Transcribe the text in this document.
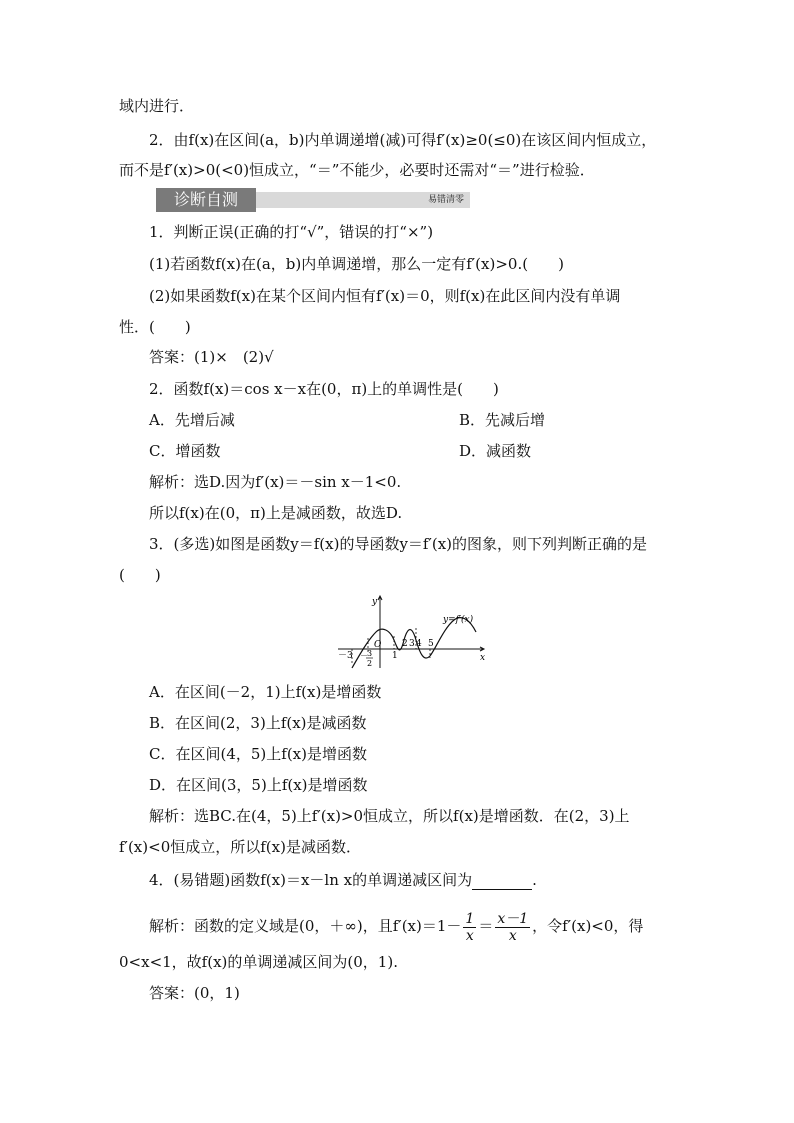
域内进行．
2．由f(x)在区间(a，b)内单调递增(减)可得f′(x)≥0(≤0)在该区间内恒成立，
而不是f′(x)>0(<0)恒成立，“＝”不能少，必要时还需对“＝”进行检验．
诊断自测	易错清零
1．判断正误(正确的打“√”，错误的打“×”)
(1)若函数f(x)在(a，b)内单调递增，那么一定有f′(x)>0.(　　)
(2)如果函数f(x)在某个区间内恒有f′(x)＝0，则f(x)在此区间内没有单调
性．(　　)
答案：(1)×　(2)√
2．函数f(x)＝cos x－x在(0，π)上的单调性是(　　)
A．先增后减	B．先减后增
C．增函数	D．减函数
解析：选D.因为f′(x)＝－sin x－1<0.
所以f(x)在(0，π)上是减函数，故选D.
3．(多选)如图是函数y＝f(x)的导函数y＝f′(x)的图象，则下列判断正确的是
(　　)
x
y
O
y=f′(x)
－3 － 3
2
1
2 3 4 5
A．在区间(－2，1)上f(x)是增函数
B．在区间(2，3)上f(x)是减函数
C．在区间(4，5)上f(x)是增函数
D．在区间(3，5)上f(x)是增函数
解析：选BC.在(4，5)上f′(x)>0恒成立，所以f(x)是增函数．在(2，3)上
f′(x)<0恒成立，所以f(x)是减函数．
4．(易错题)函数f(x)＝x－ln x的单调递减区间为	.
解析：函数的定义域是(0，＋∞)，且$f'(x)=1- \frac{1}{x} = \frac{x-1}{x}$ ，令f′(x)<0，得
0<x<1，故f(x)的单调递减区间为(0，1).
答案：(0，1)
